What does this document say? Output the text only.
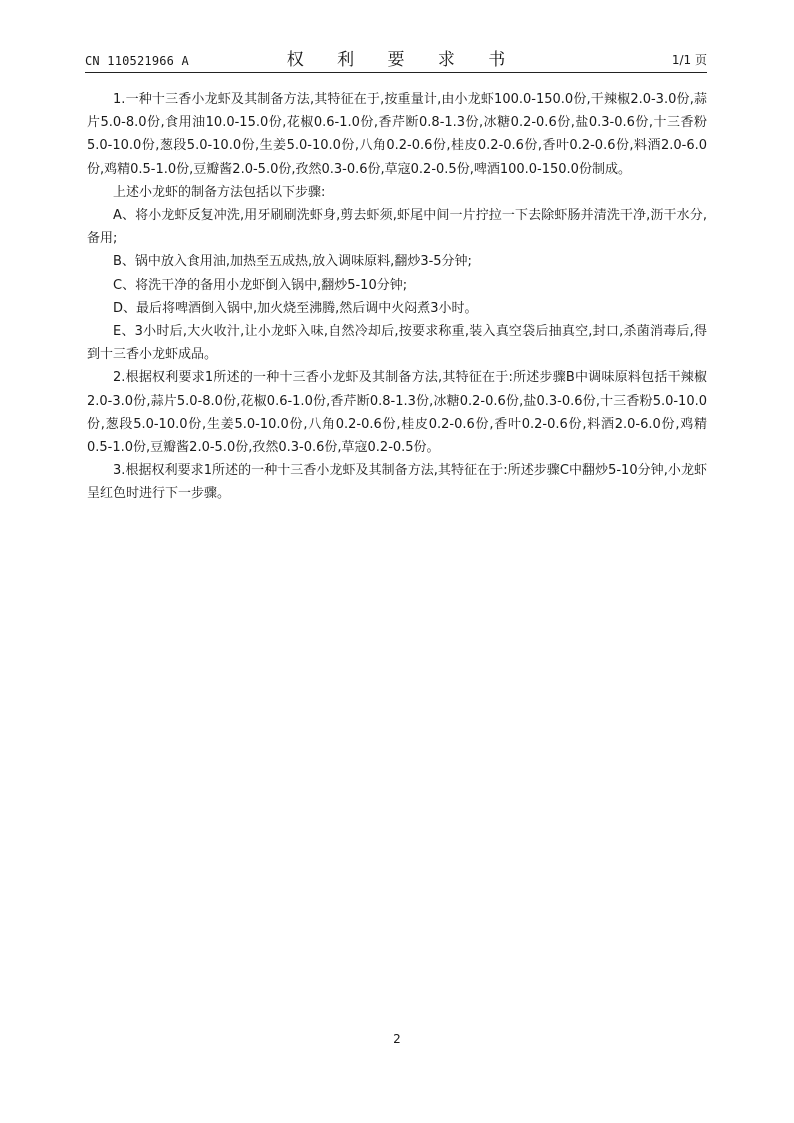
CN 110521966 A	权 利 要 求 书	1/1 页

1.一种十三香小龙虾及其制备方法,其特征在于,按重量计,由小龙虾100.0-150.0份,干辣椒2.0-3.0份,蒜片5.0-8.0份,食用油10.0-15.0份,花椒0.6-1.0份,香芹断0.8-1.3份,冰糖0.2-0.6份,盐0.3-0.6份,十三香粉5.0-10.0份,葱段5.0-10.0份,生姜5.0-10.0份,八角0.2-0.6份,桂皮0.2-0.6份,香叶0.2-0.6份,料酒2.0-6.0份,鸡精0.5-1.0份,豆瓣酱2.0-5.0份,孜然0.3-0.6份,草寇0.2-0.5份,啤酒100.0-150.0份制成。

上述小龙虾的制备方法包括以下步骤:

A、将小龙虾反复冲洗,用牙刷刷洗虾身,剪去虾须,虾尾中间一片拧拉一下去除虾肠并清洗干净,沥干水分,备用;

B、锅中放入食用油,加热至五成热,放入调味原料,翻炒3-5分钟;

C、将洗干净的备用小龙虾倒入锅中,翻炒5-10分钟;

D、最后将啤酒倒入锅中,加火烧至沸腾,然后调中火闷煮3小时。

E、3小时后,大火收汁,让小龙虾入味,自然冷却后,按要求称重,装入真空袋后抽真空,封口,杀菌消毒后,得到十三香小龙虾成品。

2.根据权利要求1所述的一种十三香小龙虾及其制备方法,其特征在于:所述步骤B中调味原料包括干辣椒2.0-3.0份,蒜片5.0-8.0份,花椒0.6-1.0份,香芹断0.8-1.3份,冰糖0.2-0.6份,盐0.3-0.6份,十三香粉5.0-10.0份,葱段5.0-10.0份,生姜5.0-10.0份,八角0.2-0.6份,桂皮0.2-0.6份,香叶0.2-0.6份,料酒2.0-6.0份,鸡精0.5-1.0份,豆瓣酱2.0-5.0份,孜然0.3-0.6份,草寇0.2-0.5份。

3.根据权利要求1所述的一种十三香小龙虾及其制备方法,其特征在于:所述步骤C中翻炒5-10分钟,小龙虾呈红色时进行下一步骤。

2
